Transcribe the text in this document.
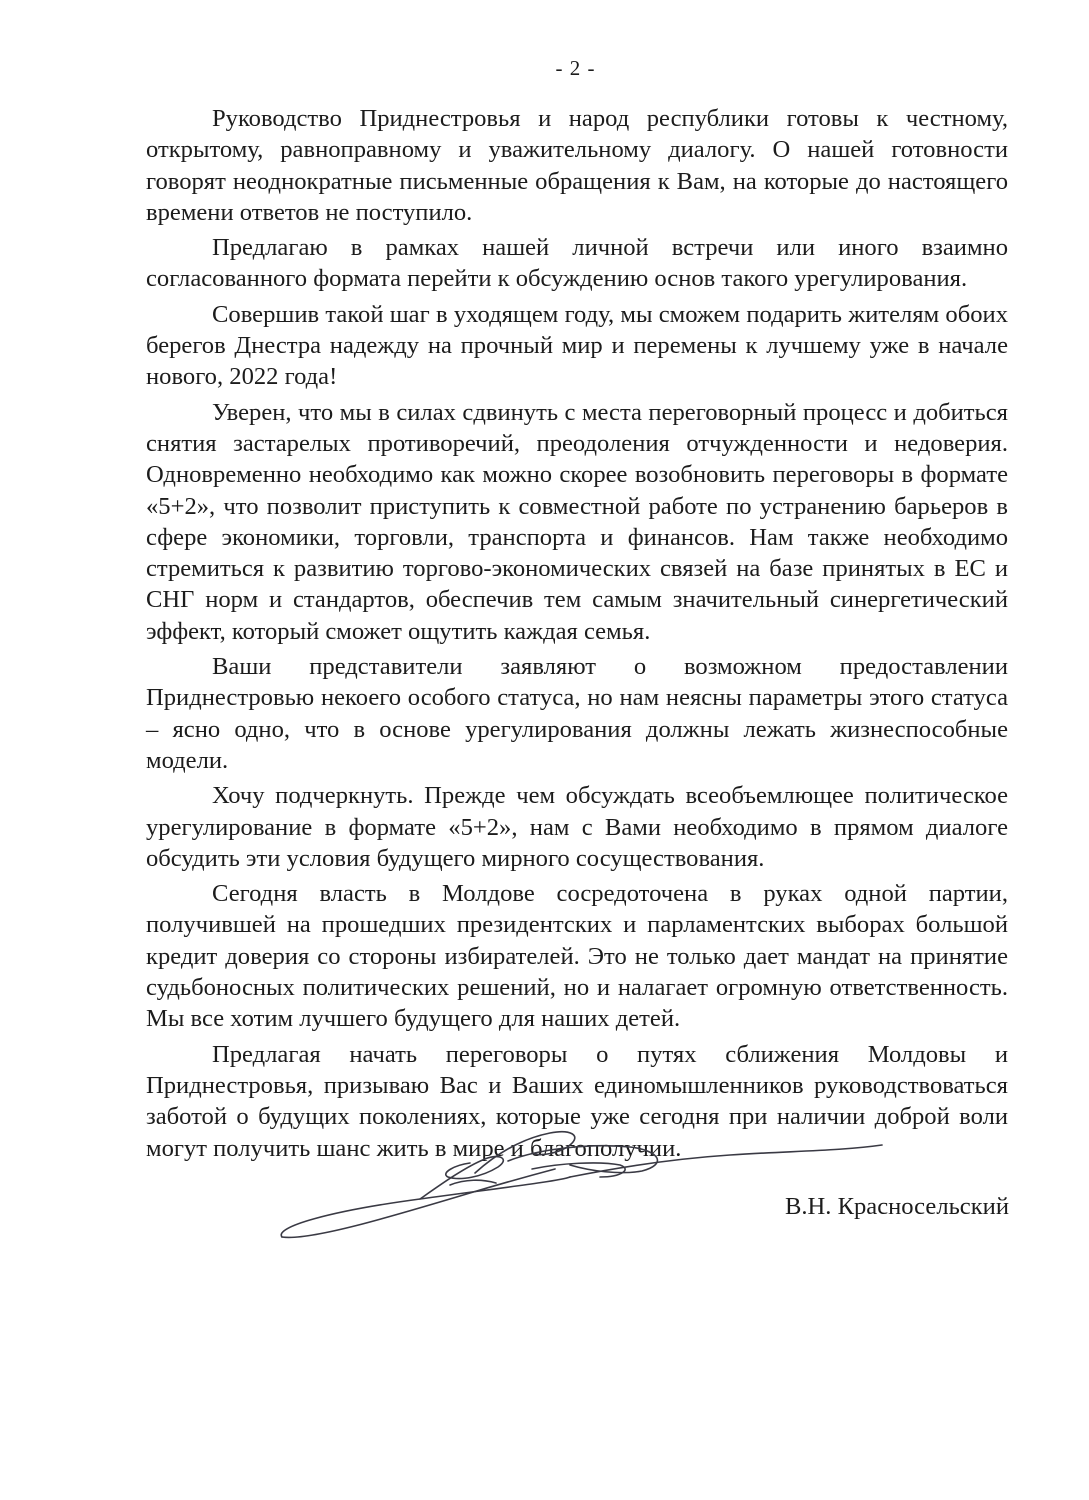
- 2 -

Руководство Приднестровья и народ республики готовы к честному, открытому, равноправному и уважительному диалогу. О нашей готовности говорят неоднократные письменные обращения к Вам, на которые до настоящего времени ответов не поступило.

Предлагаю в рамках нашей личной встречи или иного взаимно согласованного формата перейти к обсуждению основ такого урегулирования.

Совершив такой шаг в уходящем году, мы сможем подарить жителям обоих берегов Днестра надежду на прочный мир и перемены к лучшему уже в начале нового, 2022 года!

Уверен, что мы в силах сдвинуть с места переговорный процесс и добиться снятия застарелых противоречий, преодоления отчужденности и недоверия. Одновременно необходимо как можно скорее возобновить переговоры в формате «5+2», что позволит приступить к совместной работе по устранению барьеров в сфере экономики, торговли, транспорта и финансов. Нам также необходимо стремиться к развитию торгово-экономических связей на базе принятых в ЕС и СНГ норм и стандартов, обеспечив тем самым значительный синергетический эффект, который сможет ощутить каждая семья.

Ваши представители заявляют о возможном предоставлении Приднестровью некоего особого статуса, но нам неясны параметры этого статуса – ясно одно, что в основе урегулирования должны лежать жизнеспособные модели.

Хочу подчеркнуть. Прежде чем обсуждать всеобъемлющее политическое урегулирование в формате «5+2», нам с Вами необходимо в прямом диалоге обсудить эти условия будущего мирного сосуществования.

Сегодня власть в Молдове сосредоточена в руках одной партии, получившей на прошедших президентских и парламентских выборах большой кредит доверия со стороны избирателей. Это не только дает мандат на принятие судьбоносных политических решений, но и налагает огромную ответственность. Мы все хотим лучшего будущего для наших детей.

Предлагая начать переговоры о путях сближения Молдовы и Приднестровья, призываю Вас и Ваших единомышленников руководствоваться заботой о будущих поколениях, которые уже сегодня при наличии доброй воли могут получить шанс жить в мире и благополучии.

В.Н. Красносельский
